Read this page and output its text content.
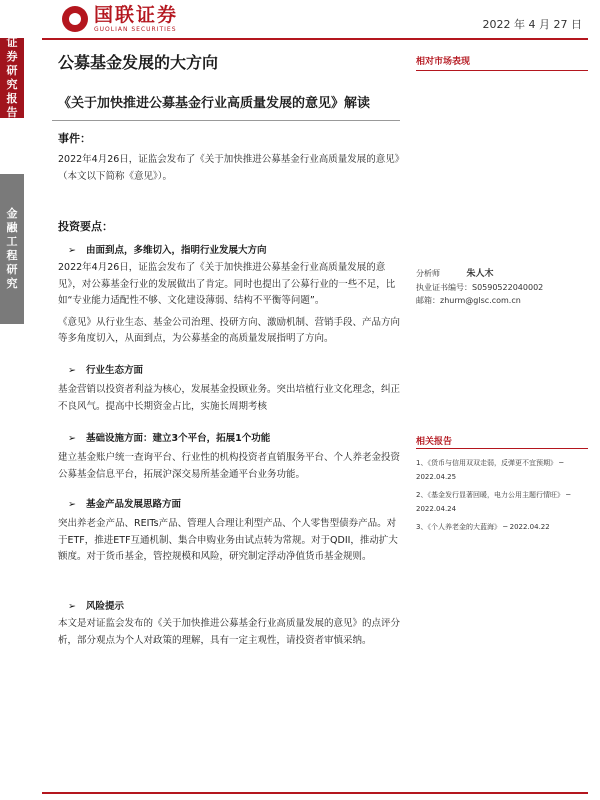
证
券
研
究
报
告
金
融
工
程
研
究
国联证券
GUOLIAN SECURITIES	2022 年 4 月 27 日
公募基金发展的大方向
《关于加快推进公募基金行业高质量发展的意见》解读
相对市场表现
分析师	朱人木
执业证书编号：S0590522040002
邮箱：zhurm@glsc.com.cn
相关报告
1、《货币与信用双双走弱，反弹更不宜预期》 ─ 2022.04.25
2、《基金发行显著回暖，电力公用主题行情旺》 ─ 2022.04.24
3、《个人养老金的大蓝海》 ─ 2022.04.22
事件：

2022年4月26日，证监会发布了《关于加快推进公募基金行业高质量发展的意见》（本文以下简称《意见》）。

投资要点：
➢ 由面到点，多维切入，指明行业发展大方向

2022年4月26日，证监会发布了《关于加快推进公募基金行业高质量发展的意见》，对公募基金行业的发展做出了肯定。同时也提出了公募行业的一些不足，比如“专业能力适配性不够、文化建设薄弱、结构不平衡等问题”。

《意见》从行业生态、基金公司治理、投研方向、激励机制、营销手段、产品方向等多角度切入，从面到点，为公募基金的高质量发展指明了方向。

➢ 行业生态方面

基金营销以投资者利益为核心，发展基金投顾业务。突出培植行业文化理念，纠正不良风气。提高中长期资金占比，实施长周期考核

➢ 基础设施方面：建立3个平台，拓展1个功能

建立基金账户统一查询平台、行业性的机构投资者直销服务平台、个人养老金投资公募基金信息平台，拓展沪深交易所基金通平台业务功能。

➢ 基金产品发展思路方面

突出养老金产品、REITs产品、管理人合理让利型产品、个人零售型债券产品。对于ETF，推进ETF互通机制、集合申购业务由试点转为常规。对于QDII，推动扩大额度。对于货币基金，管控规模和风险，研究制定浮动净值货币基金规则。

➢ 风险提示

本文是对证监会发布的《关于加快推进公募基金行业高质量发展的意见》的点评分析，部分观点为个人对政策的理解，具有一定主观性，请投资者审慎采纳。
